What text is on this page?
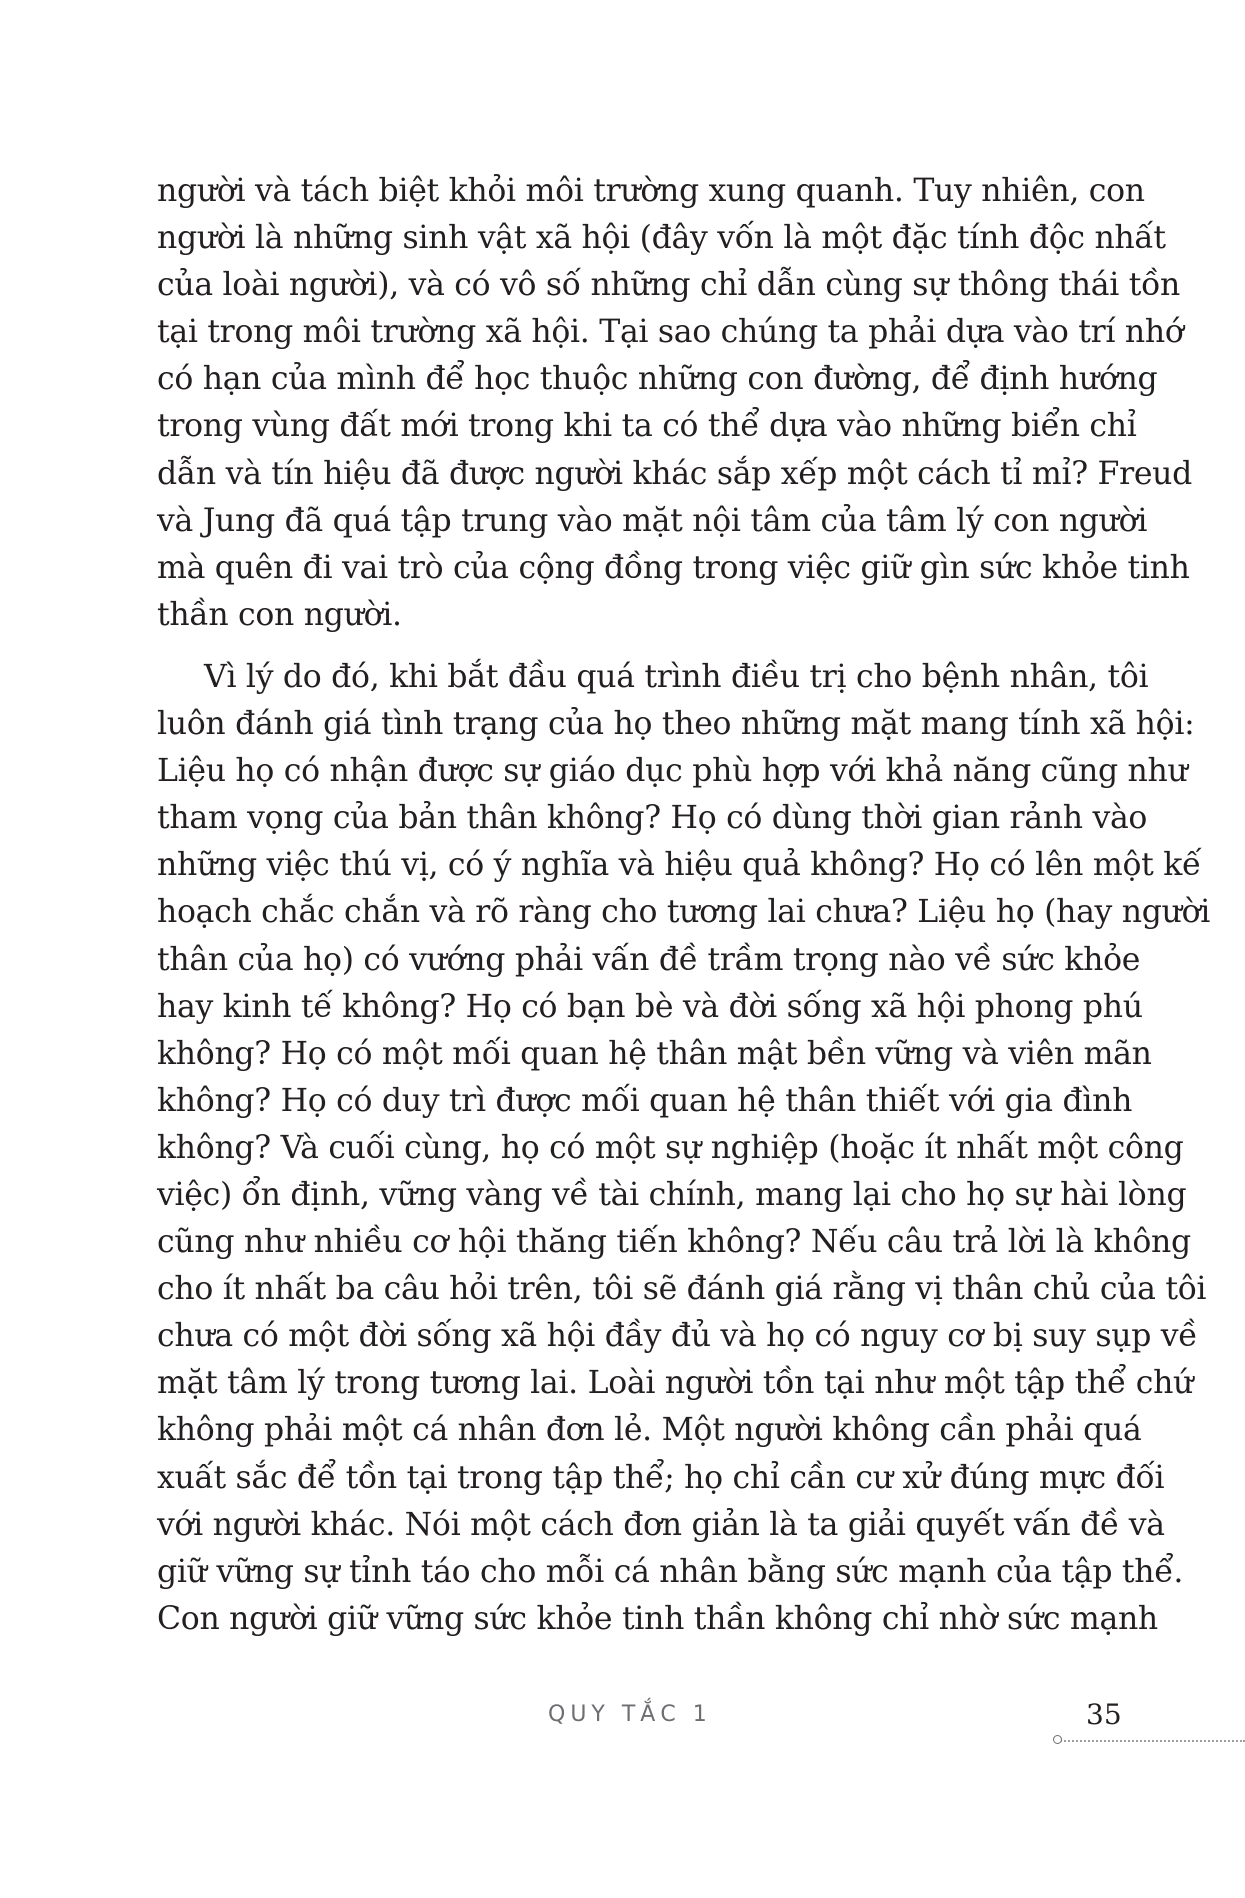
người và tách biệt khỏi môi trường xung quanh. Tuy nhiên, con
người là những sinh vật xã hội (đây vốn là một đặc tính độc nhất
của loài người), và có vô số những chỉ dẫn cùng sự thông thái tồn
tại trong môi trường xã hội. Tại sao chúng ta phải dựa vào trí nhớ
có hạn của mình để học thuộc những con đường, để định hướng
trong vùng đất mới trong khi ta có thể dựa vào những biển chỉ
dẫn và tín hiệu đã được người khác sắp xếp một cách tỉ mỉ? Freud
và Jung đã quá tập trung vào mặt nội tâm của tâm lý con người
mà quên đi vai trò của cộng đồng trong việc giữ gìn sức khỏe tinh
thần con người.
Vì lý do đó, khi bắt đầu quá trình điều trị cho bệnh nhân, tôi
luôn đánh giá tình trạng của họ theo những mặt mang tính xã hội:
Liệu họ có nhận được sự giáo dục phù hợp với khả năng cũng như
tham vọng của bản thân không? Họ có dùng thời gian rảnh vào
những việc thú vị, có ý nghĩa và hiệu quả không? Họ có lên một kế
hoạch chắc chắn và rõ ràng cho tương lai chưa? Liệu họ (hay người
thân của họ) có vướng phải vấn đề trầm trọng nào về sức khỏe
hay kinh tế không? Họ có bạn bè và đời sống xã hội phong phú
không? Họ có một mối quan hệ thân mật bền vững và viên mãn
không? Họ có duy trì được mối quan hệ thân thiết với gia đình
không? Và cuối cùng, họ có một sự nghiệp (hoặc ít nhất một công
việc) ổn định, vững vàng về tài chính, mang lại cho họ sự hài lòng
cũng như nhiều cơ hội thăng tiến không? Nếu câu trả lời là không
cho ít nhất ba câu hỏi trên, tôi sẽ đánh giá rằng vị thân chủ của tôi
chưa có một đời sống xã hội đầy đủ và họ có nguy cơ bị suy sụp về
mặt tâm lý trong tương lai. Loài người tồn tại như một tập thể chứ
không phải một cá nhân đơn lẻ. Một người không cần phải quá
xuất sắc để tồn tại trong tập thể; họ chỉ cần cư xử đúng mực đối
với người khác. Nói một cách đơn giản là ta giải quyết vấn đề và
giữ vững sự tỉnh táo cho mỗi cá nhân bằng sức mạnh của tập thể.
Con người giữ vững sức khỏe tinh thần không chỉ nhờ sức mạnh
QUY TẮC 1	35
